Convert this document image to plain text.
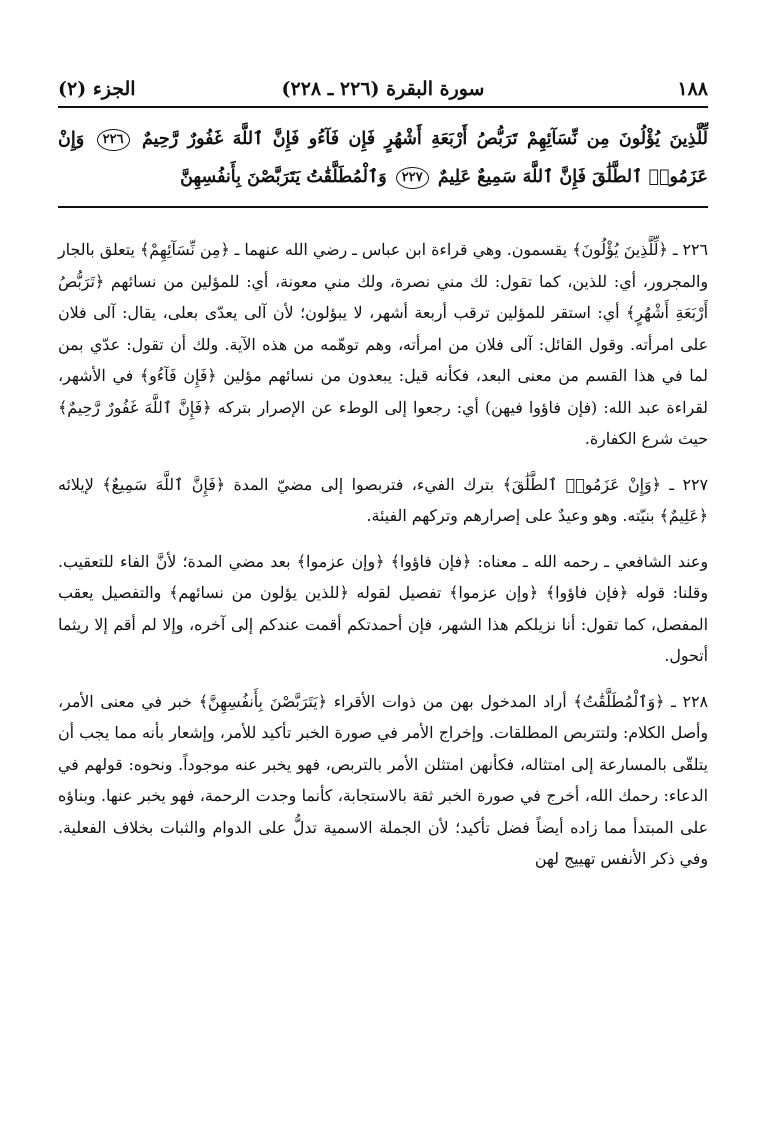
١٨٨
سورة البقرة (٢٢٦ ـ ٢٢٨)
الجزء (٢)
لِّلَّذِينَ يُؤْلُونَ مِن نِّسَآئِهِمْ تَرَبُّصُ أَرْبَعَةِ أَشْهُرٍ فَإِن فَآءُو فَإِنَّ ٱللَّهَ غَفُورٌ رَّحِيمٌ ٢٢٦ وَإِنْ عَزَمُوا۟ ٱلطَّلَٰقَ فَإِنَّ ٱللَّهَ سَمِيعٌ عَلِيمٌ ٢٢٧ وَٱلْمُطَلَّقَٰتُ يَتَرَبَّصْنَ بِأَنفُسِهِنَّ

٢٢٦ ـ ﴿لِّلَّذِينَ يُؤْلُونَ﴾ يقسمون. وهي قراءة ابن عباس ـ رضي الله عنهما ـ ﴿مِن نِّسَآئِهِمْ﴾ يتعلق بالجار والمجرور، أي: للذين، كما تقول: لك مني نصرة، ولك مني معونة، أي: للمؤلين من نسائهم ﴿تَرَبُّصُ أَرْبَعَةِ أَشْهُرٍ﴾ أي: استقر للمؤلين ترقب أربعة أشهر، لا يبؤلون؛ لأن آلى يعدّى بعلى، يقال: آلى فلان على امرأته. وقول القائل: آلى فلان من امرأته، وهم توهّمه من هذه الآية. ولك أن تقول: عدّي بمن لما في هذا القسم من معنى البعد، فكأنه قيل: يبعدون من نسائهم مؤلين ﴿فَإِن فَآءُو﴾ في الأشهر، لقراءة عبد الله: (فإن فاؤوا فيهن) أي: رجعوا إلى الوطء عن الإصرار بتركه ﴿فَإِنَّ ٱللَّهَ غَفُورٌ رَّحِيمٌ﴾ حيث شرع الكفارة.

٢٢٧ ـ ﴿وَإِنْ عَزَمُوا۟ ٱلطَّلَٰقَ﴾ بترك الفيء، فتربصوا إلى مضيّ المدة ﴿فَإِنَّ ٱللَّهَ سَمِيعٌ﴾ لإيلائه ﴿عَلِيمٌ﴾ بنيّته. وهو وعيدٌ على إصرارهم وتركهم الفيئة.

وعند الشافعي ـ رحمه الله ـ معناه: ﴿فإن فاؤوا﴾ ﴿وإن عزموا﴾ بعد مضي المدة؛ لأنَّ الفاء للتعقيب. وقلنا: قوله ﴿فإن فاؤوا﴾ ﴿وإن عزموا﴾ تفصيل لقوله ﴿للذين يؤلون من نسائهم﴾ والتفصيل يعقب المفصل، كما تقول: أنا نزيلكم هذا الشهر، فإن أحمدتكم أقمت عندكم إلى آخره، وإلا لم أقم إلا ريثما أتحول.

٢٢٨ ـ ﴿وَٱلْمُطَلَّقَٰتُ﴾ أراد المدخول بهن من ذوات الأقراء ﴿يَتَرَبَّصْنَ بِأَنفُسِهِنَّ﴾ خبر في معنى الأمر، وأصل الكلام: ولتتربص المطلقات. وإخراج الأمر في صورة الخبر تأكيد للأمر، وإشعار بأنه مما يجب أن يتلقّى بالمسارعة إلى امتثاله، فكأنهن امتثلن الأمر بالتربص، فهو يخبر عنه موجوداً. ونحوه: قولهم في الدعاء: رحمك الله، أخرج في صورة الخبر ثقة بالاستجابة، كأنما وجدت الرحمة، فهو يخبر عنها. وبناؤه على المبتدأ مما زاده أيضاً فضل تأكيد؛ لأن الجملة الاسمية تدلُّ على الدوام والثبات بخلاف الفعلية. وفي ذكر الأنفس تهييج لهن
